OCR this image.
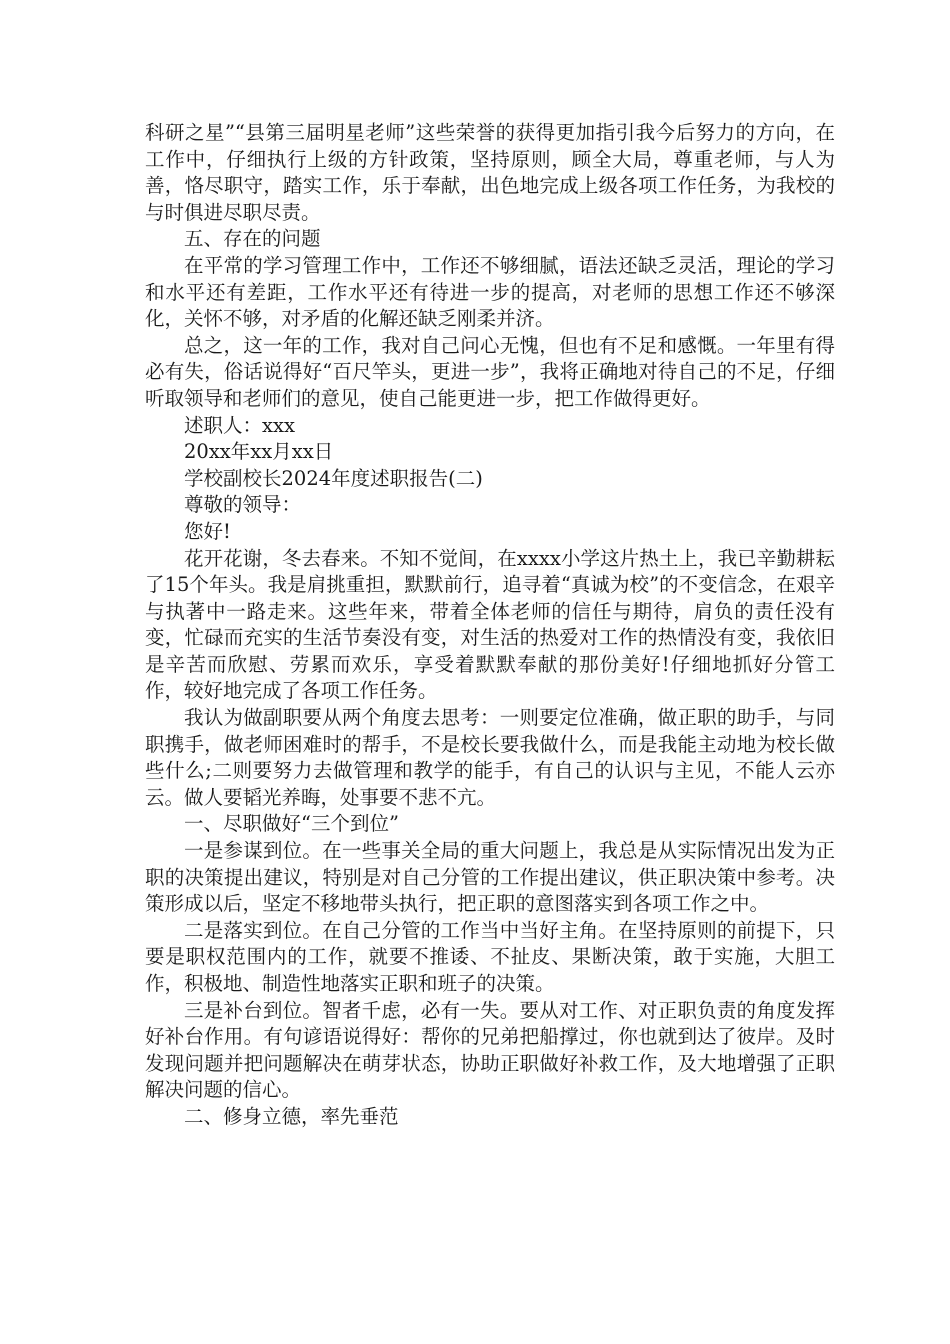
科研之星”“县第三届明星老师”这些荣誉的获得更加指引我今后努力的方向，在工作中，仔细执行上级的方针政策，坚持原则，顾全大局，尊重老师，与人为善，恪尽职守，踏实工作，乐于奉献，出色地完成上级各项工作任务，为我校的与时俱进尽职尽责。

五、存在的问题

在平常的学习管理工作中，工作还不够细腻，语法还缺乏灵活，理论的学习和水平还有差距，工作水平还有待进一步的提高，对老师的思想工作还不够深化，关怀不够，对矛盾的化解还缺乏刚柔并济。

总之，这一年的工作，我对自己问心无愧，但也有不足和感慨。一年里有得必有失，俗话说得好“百尺竿头，更进一步”，我将正确地对待自己的不足，仔细听取领导和老师们的意见，使自己能更进一步，把工作做得更好。

述职人：xxx

20xx年xx月xx日

学校副校长2024年度述职报告(二)

尊敬的领导：

您好!

花开花谢，冬去春来。不知不觉间，在xxxx小学这片热土上，我已辛勤耕耘了15个年头。我是肩挑重担，默默前行，追寻着“真诚为校”的不变信念，在艰辛与执著中一路走来。这些年来，带着全体老师的信任与期待，肩负的责任没有变，忙碌而充实的生活节奏没有变，对生活的热爱对工作的热情没有变，我依旧是辛苦而欣慰、劳累而欢乐，享受着默默奉献的那份美好!仔细地抓好分管工作，较好地完成了各项工作任务。

我认为做副职要从两个角度去思考：一则要定位准确，做正职的助手，与同职携手，做老师困难时的帮手，不是校长要我做什么，而是我能主动地为校长做些什么;二则要努力去做管理和教学的能手，有自己的认识与主见，不能人云亦云。做人要韬光养晦，处事要不悲不亢。

一、尽职做好“三个到位”

一是参谋到位。在一些事关全局的重大问题上，我总是从实际情况出发为正职的决策提出建议，特别是对自己分管的工作提出建议，供正职决策中参考。决策形成以后，坚定不移地带头执行，把正职的意图落实到各项工作之中。

二是落实到位。在自己分管的工作当中当好主角。在坚持原则的前提下，只要是职权范围内的工作，就要不推诿、不扯皮、果断决策，敢于实施，大胆工作，积极地、制造性地落实正职和班子的决策。

三是补台到位。智者千虑，必有一失。要从对工作、对正职负责的角度发挥好补台作用。有句谚语说得好：帮你的兄弟把船撑过，你也就到达了彼岸。及时发现问题并把问题解决在萌芽状态，协助正职做好补救工作，及大地增强了正职解决问题的信心。

二、修身立德，率先垂范
